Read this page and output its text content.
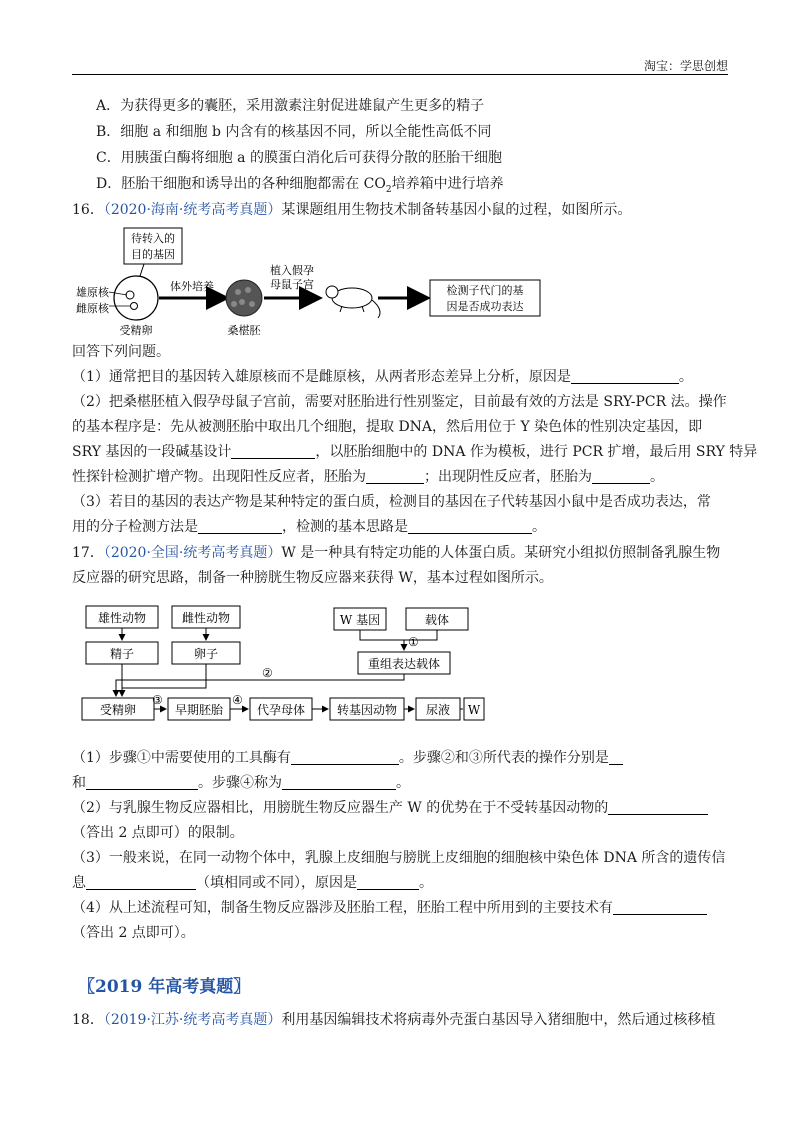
淘宝：学思创想
A．为获得更多的囊胚，采用激素注射促进雄鼠产生更多的精子
B．细胞 a 和细胞 b 内含有的核基因不同，所以全能性高低不同
C．用胰蛋白酶将细胞 a 的膜蛋白消化后可获得分散的胚胎干细胞
D．胚胎干细胞和诱导出的各种细胞都需在 $CO_2$培养箱中进行培养
16．（2020·海南·统考高考真题）某课题组用生物技术制备转基因小鼠的过程，如图所示。
待转入的
目的基因
雄原核
雌原核
受精卵
体外培养
桑椹胚
植入假孕
母鼠子宫	检测子代门的基
因是否成功表达
回答下列问题。
（1）通常把目的基因转入雄原核而不是雌原核，从两者形态差异上分析，原因是	。
（2）把桑椹胚植入假孕母鼠子宫前，需要对胚胎进行性别鉴定，目前最有效的方法是 SRY-PCR 法。操作
的基本程序是：先从被测胚胎中取出几个细胞，提取 DNA，然后用位于 Y 染色体的性别决定基因，即
SRY 基因的一段碱基设计	，以胚胎细胞中的 DNA 作为模板，进行 PCR 扩增，最后用 SRY 特异
性探针检测扩增产物。出现阳性反应者，胚胎为	；出现阴性反应者，胚胎为	。
（3）若目的基因的表达产物是某种特定的蛋白质，检测目的基因在子代转基因小鼠中是否成功表达，常
用的分子检测方法是	，检测的基本思路是	。
17．（2020·全国·统考高考真题）W 是一种具有特定功能的人体蛋白质。某研究小组拟仿照制备乳腺生物
反应器的研究思路，制备一种膀胱生物反应器来获得 W，基本过程如图所示。
雄性动物	雌性动物
精子	卵子
W 基因	载体
重组表达载体
受精卵	早期胚胎	代孕母体	转基因动物 尿液 W
①
②
③	④
（1）步骤①中需要使用的工具酶有	。步骤②和③所代表的操作分别是
和	。步骤④称为	。
（2）与乳腺生物反应器相比，用膀胱生物反应器生产 W 的优势在于不受转基因动物的
（答出 2 点即可）的限制。
（3）一般来说，在同一动物个体中，乳腺上皮细胞与膀胱上皮细胞的细胞核中染色体 DNA 所含的遗传信
息	（填相同或不同），原因是	。
（4）从上述流程可知，制备生物反应器涉及胚胎工程，胚胎工程中所用到的主要技术有
（答出 2 点即可）。
〖2019 年高考真题〗
18．（2019·江苏·统考高考真题）利用基因编辑技术将病毒外壳蛋白基因导入猪细胞中，然后通过核移植
